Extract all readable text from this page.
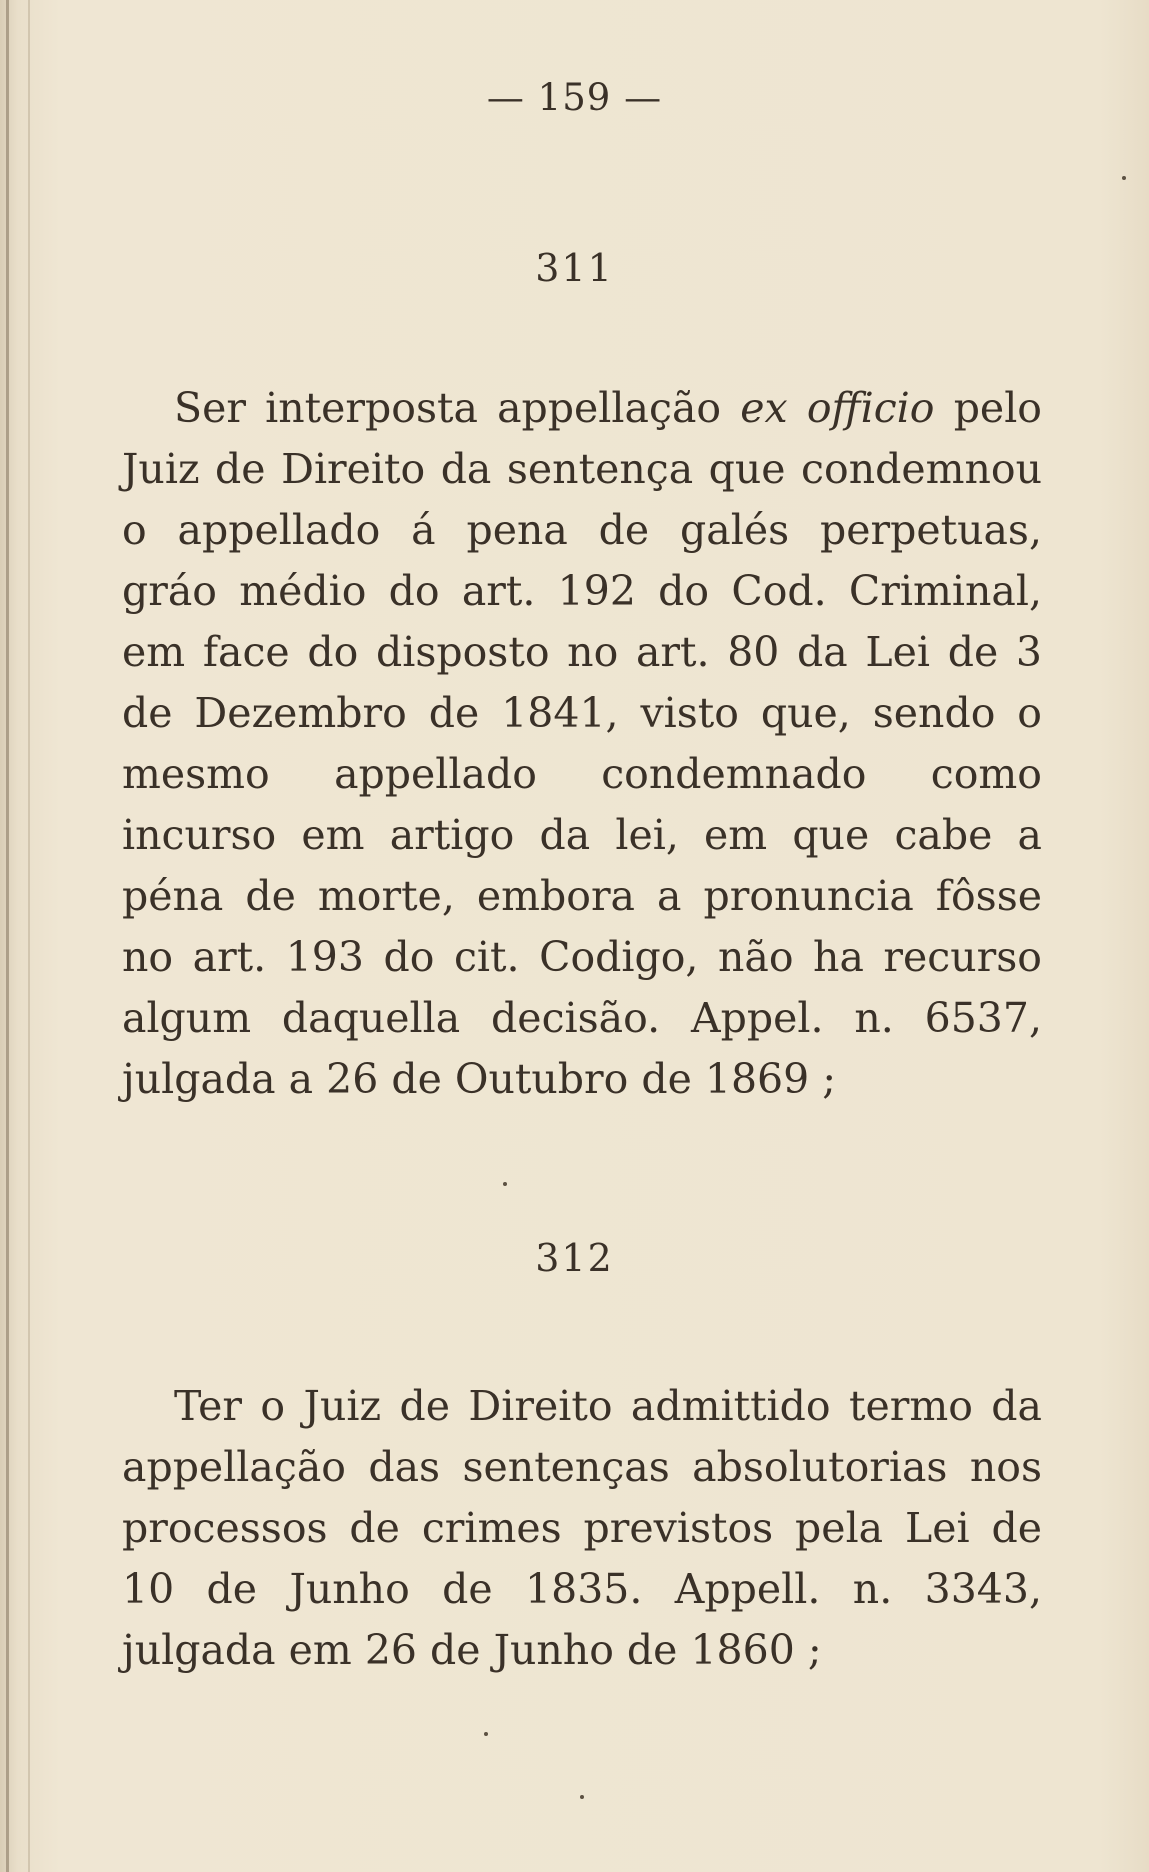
— 159 —
311

Ser interposta appellação ex officio pelo Juiz de Direito da sentença que condemnou o appellado á pena de galés perpetuas, gráo médio do art. 192 do Cod. Criminal, em face do disposto no art. 80 da Lei de 3 de Dezembro de 1841, visto que, sendo o mesmo appellado condemnado como incurso em artigo da lei, em que cabe a péna de morte, embora a pronuncia fôsse no art. 193 do cit. Codigo, não ha recurso algum daquella decisão. Appel. n. 6537, julgada a 26 de Outubro de 1869 ;

312

Ter o Juiz de Direito admittido termo da appellação das sentenças absolutorias nos processos de crimes previstos pela Lei de 10 de Junho de 1835. Appell. n. 3343, julgada em 26 de Junho de 1860 ;
